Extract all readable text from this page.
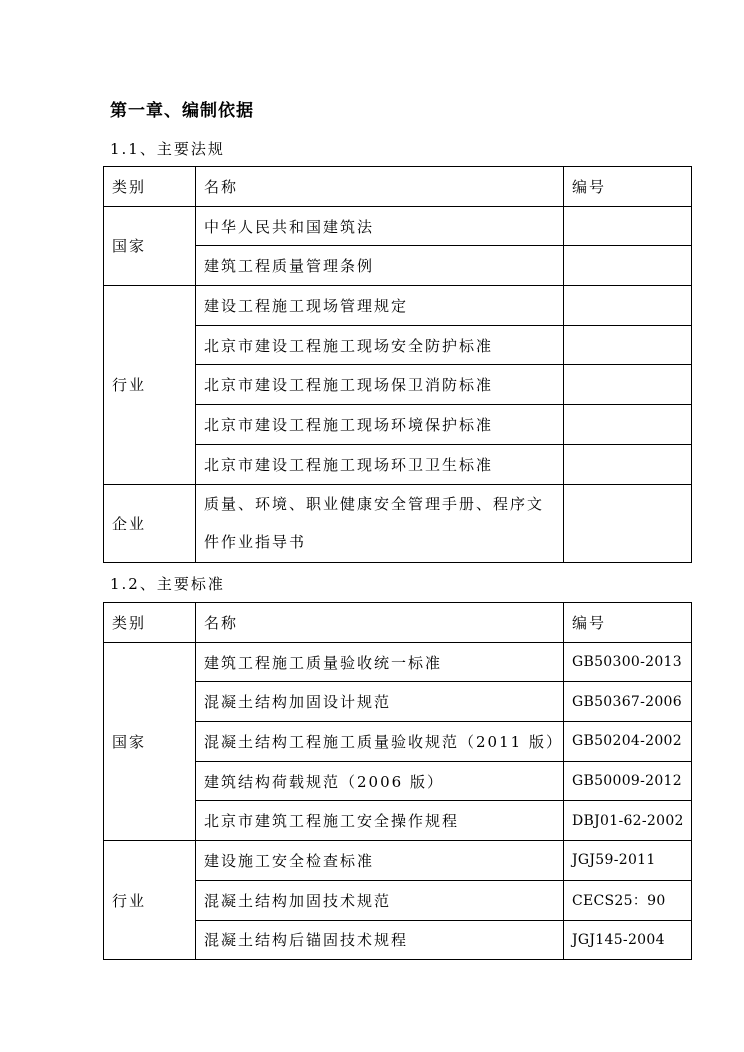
第一章、编制依据
1.1、主要法规
类别	名称	编号
国家	中华人民共和国建筑法	
	建筑工程质量管理条例	
行业	建设工程施工现场管理规定	
	北京市建设工程施工现场安全防护标准	
	北京市建设工程施工现场保卫消防标准	
	北京市建设工程施工现场环境保护标准	
	北京市建设工程施工现场环卫卫生标准	
企业	质量、环境、职业健康安全管理手册、程序文件作业指导书	
1.2、主要标准
类别	名称	编号
国家	建筑工程施工质量验收统一标准	GB50300-2013
	混凝土结构加固设计规范	GB50367-2006
	混凝土结构工程施工质量验收规范（2011 版）	GB50204-2002
	建筑结构荷载规范（2006 版）	GB50009-2012
	北京市建筑工程施工安全操作规程	DBJ01-62-2002
行业	建设施工安全检查标准	JGJ59-2011
	混凝土结构加固技术规范	CECS25：90
	混凝土结构后锚固技术规程	JGJ145-2004
